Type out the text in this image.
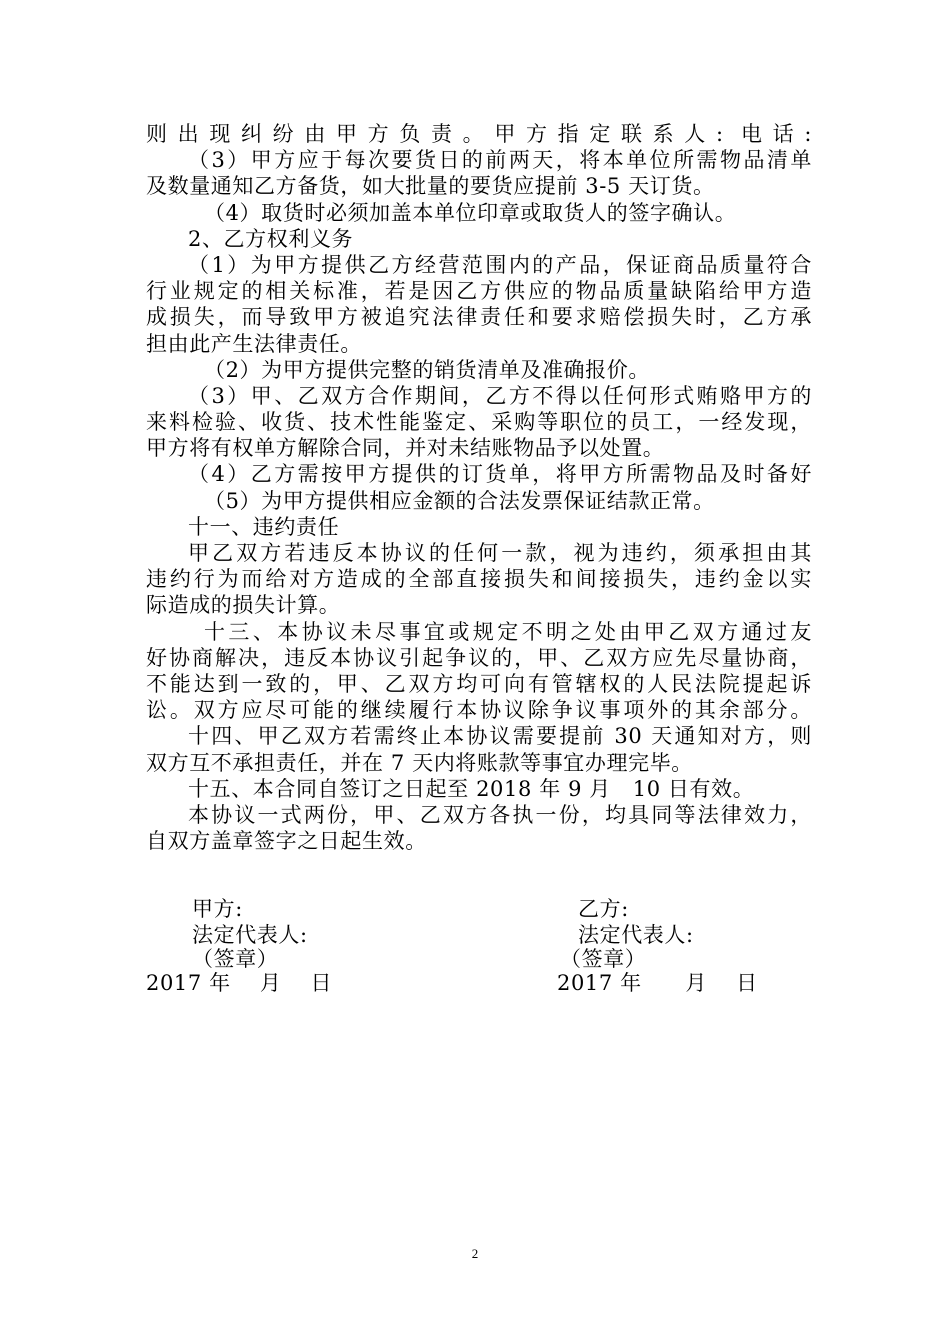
则出现纠纷由甲方负责。甲方指定联系人: 电话:
（3）甲方应于每次要货日的前两天，将本单位所需物品清单
及数量通知乙方备货，如大批量的要货应提前 3-5 天订货。
（4）取货时必须加盖本单位印章或取货人的签字确认。
2、乙方权利义务
（1）为甲方提供乙方经营范围内的产品，保证商品质量符合
行业规定的相关标准，若是因乙方供应的物品质量缺陷给甲方造
成损失，而导致甲方被追究法律责任和要求赔偿损失时，乙方承
担由此产生法律责任。
（2）为甲方提供完整的销货清单及准确报价。
（3）甲、乙双方合作期间，乙方不得以任何形式贿赂甲方的
来料检验、收货、技术性能鉴定、采购等职位的员工，一经发现，
甲方将有权单方解除合同，并对未结账物品予以处置。
（4）乙方需按甲方提供的订货单，将甲方所需物品及时备好
（5）为甲方提供相应金额的合法发票保证结款正常。
十一、违约责任
甲乙双方若违反本协议的任何一款，视为违约，须承担由其
违约行为而给对方造成的全部直接损失和间接损失，违约金以实
际造成的损失计算。
十三、本协议未尽事宜或规定不明之处由甲乙双方通过友
好协商解决，违反本协议引起争议的，甲、乙双方应先尽量协商，
不能达到一致的，甲、乙双方均可向有管辖权的人民法院提起诉
讼。双方应尽可能的继续履行本协议除争议事项外的其余部分。
十四、甲乙双方若需终止本协议需要提前 30 天通知对方，则
双方互不承担责任，并在 7 天内将账款等事宜办理完毕。
十五、本合同自签订之日起至 2018 年 9 月   10 日有效。
本协议一式两份，甲、乙双方各执一份，均具同等法律效力，
自双方盖章签字之日起生效。
甲方:
法定代表人:
（签章）
2017 年    月    日
乙方:
法定代表人:
（签章）
2017 年      月    日
2
